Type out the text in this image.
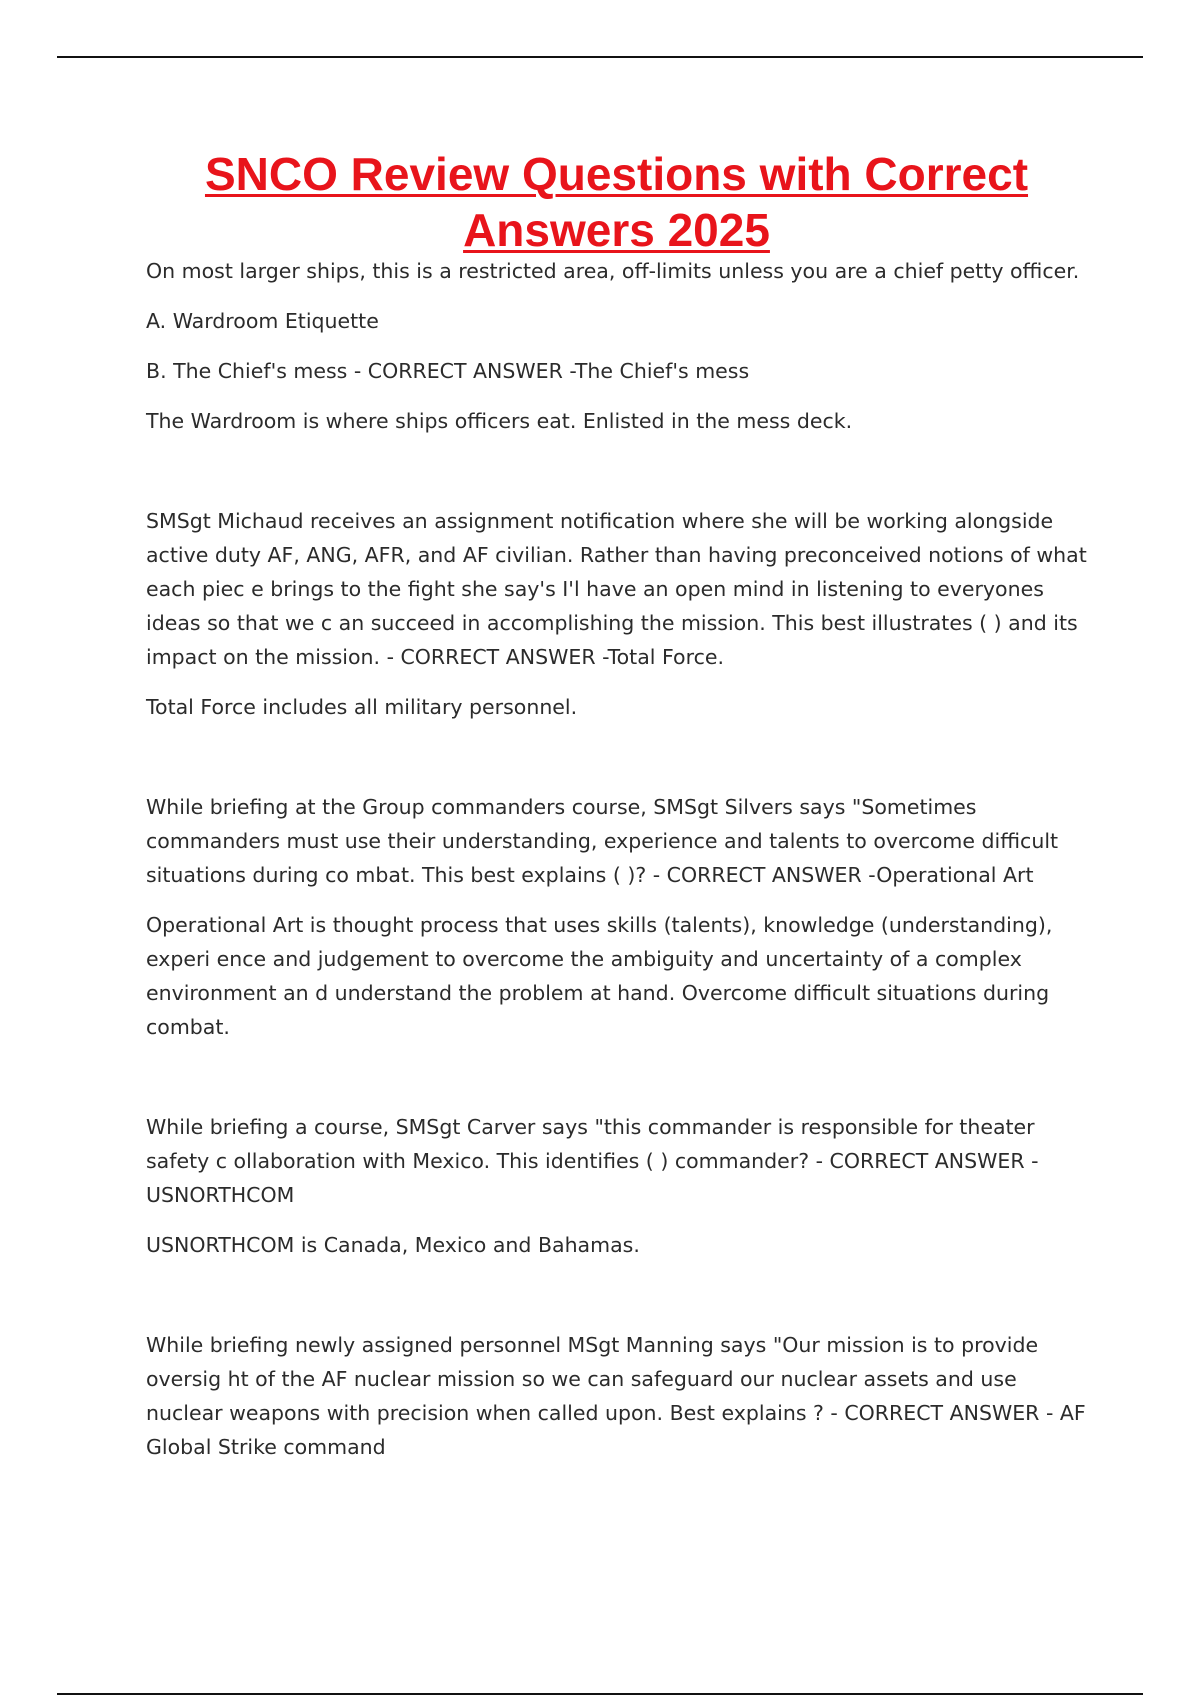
SNCO Review Questions with Correct
Answers 2025

On most larger ships, this is a restricted area, off-limits unless you are a chief petty officer.

A. Wardroom Etiquette

B. The Chief's mess - CORRECT ANSWER -The Chief's mess

The Wardroom is where ships officers eat. Enlisted in the mess deck.

SMSgt Michaud receives an assignment notification where she will be working alongside active duty AF, ANG, AFR, and AF civilian. Rather than having preconceived notions of what each piec e brings to the fight she say's I'l have an open mind in listening to everyones ideas so that we c an succeed in accomplishing the mission. This best illustrates ( ) and its impact on the mission. - CORRECT ANSWER -Total Force.

Total Force includes all military personnel.

While briefing at the Group commanders course, SMSgt Silvers says "Sometimes commanders must use their understanding, experience and talents to overcome difficult situations during co mbat. This best explains ( )? - CORRECT ANSWER -Operational Art

Operational Art is thought process that uses skills (talents), knowledge (understanding), experi ence and judgement to overcome the ambiguity and uncertainty of a complex environment an d understand the problem at hand. Overcome difficult situations during combat.

While briefing a course, SMSgt Carver says "this commander is responsible for theater safety c ollaboration with Mexico. This identifies ( ) commander? - CORRECT ANSWER -USNORTHCOM

USNORTHCOM is Canada, Mexico and Bahamas.

While briefing newly assigned personnel MSgt Manning says "Our mission is to provide oversig ht of the AF nuclear mission so we can safeguard our nuclear assets and use nuclear weapons with precision when called upon. Best explains ? - CORRECT ANSWER - AF Global Strike command
